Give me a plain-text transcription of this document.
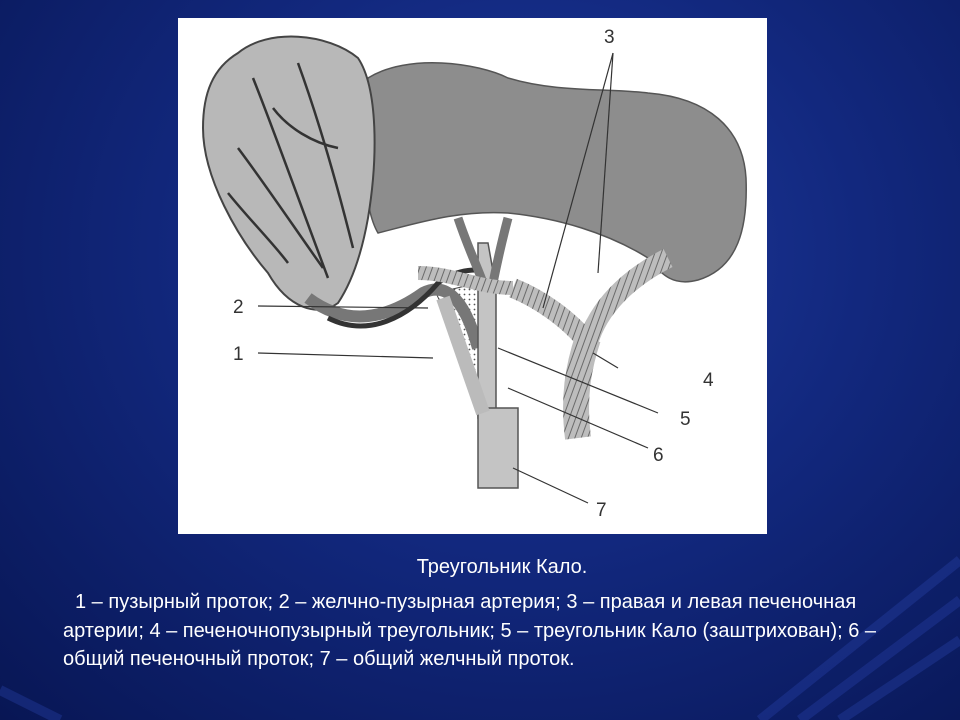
2
1
3
4
5
6
7
Треугольник Кало.
1 – пузырный проток; 2 – желчно-пузырная артерия; 3 – правая и левая печеночная артерии; 4 – печеночнопузырный треугольник; 5 – треугольник Кало (заштрихован); 6 – общий печеночный проток; 7 – общий желчный проток.
